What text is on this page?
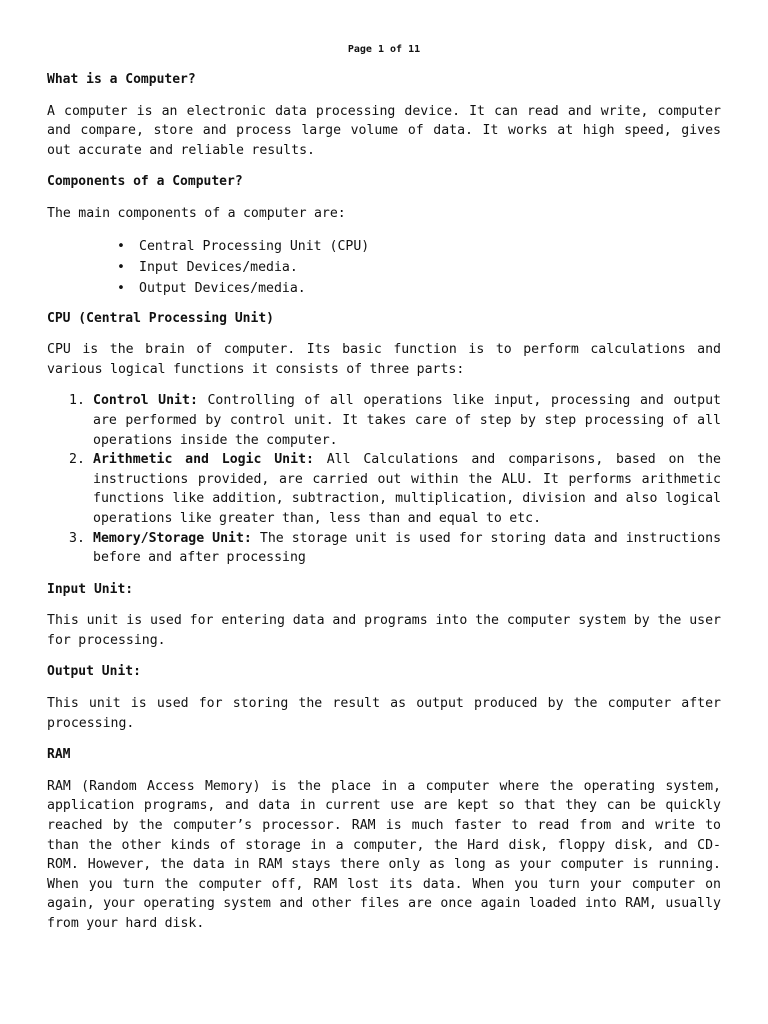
Page 1 of 11
What is a Computer?

A computer is an electronic data processing device. It can read and write, computer and compare, store and process large volume of data. It works at high speed, gives out accurate and reliable results.

Components of a Computer?

The main components of a computer are:

• Central Processing Unit (CPU)
• Input Devices/media.
• Output Devices/media.
CPU (Central Processing Unit)

CPU is the brain of computer. Its basic function is to perform calculations and various logical functions it consists of three parts:

1. Control Unit: Controlling of all operations like input, processing and output are performed by control unit. It takes care of step by step processing of all operations inside the computer.
2. Arithmetic and Logic Unit: All Calculations and comparisons, based on the instructions provided, are carried out within the ALU. It performs arithmetic functions like addition, subtraction, multiplication, division and also logical operations like greater than, less than and equal to etc.
3. Memory/Storage Unit: The storage unit is used for storing data and instructions before and after processing
Input Unit:

This unit is used for entering data and programs into the computer system by the user for processing.

Output Unit:

This unit is used for storing the result as output produced by the computer after processing.

RAM

RAM (Random Access Memory) is the place in a computer where the operating system, application programs, and data in current use are kept so that they can be quickly reached by the computer’s processor. RAM is much faster to read from and write to than the other kinds of storage in a computer, the Hard disk, floppy disk, and CD-ROM. However, the data in RAM stays there only as long as your computer is running. When you turn the computer off, RAM lost its data. When you turn your computer on again, your operating system and other files are once again loaded into RAM, usually from your hard disk.
